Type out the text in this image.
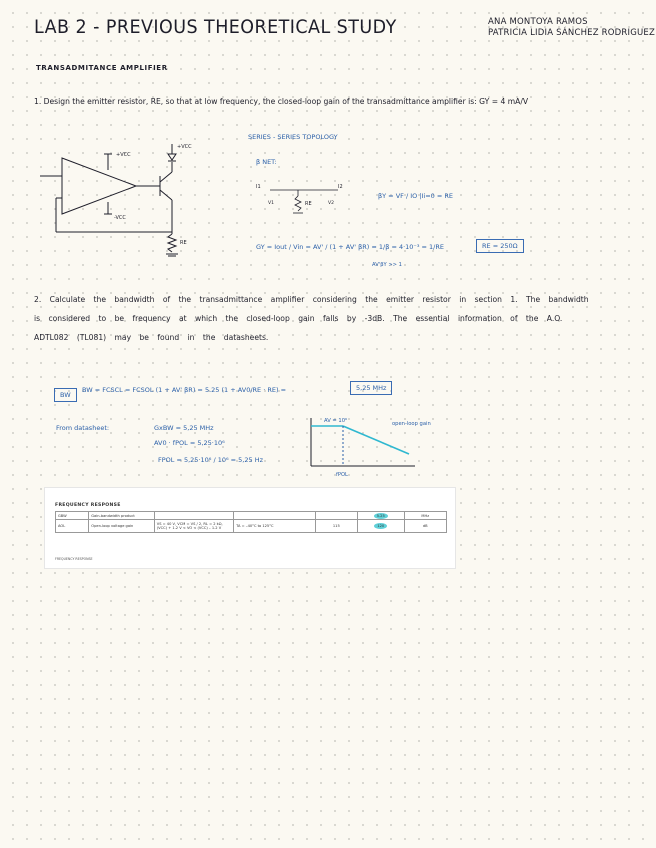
LAB 2 - PREVIOUS THEORETICAL STUDY	ANA MONTOYA RAMOS
PATRICIA LIDIA SÁNCHEZ RODRIGUEZ
TRANSADMITANCE AMPLIFIER
1. Design the emitter resistor, RE, so that at low frequency, the closed-loop gain of the transadmittance amplifier is: GY = 4 mA/V
+VCC
-VCC
+VCC
RE
SERIES - SERIES TOPOLOGY
β NET:
I1	I2
V1	V2
RE
βY = VF / IO |Ii=0 = RE
GY = Iout / Vin = AV' / (1 + AV' βR) ≈ 1/β = 4·10⁻³ = 1/RE
AV'βY >> 1
RE = 250Ω
2. Calculate the bandwidth of the transadmittance amplifier considering the emitter resistor in section 1. The bandwidth is considered to be frequency at which the closed-loop gain falls by -3dB. The essential information of the A.O. ADTL082 (TL081) may be found in the datasheets.
BW
BW = FCSCL = FCSOL (1 + AV' βR) = 5.25 (1 + AV0/RE · RE) =	5,25 MHz
From datasheet:	GxBW = 5,25 MHz
AV0 · fPOL = 5,25·10⁶
FPOL = 5,25·10⁶ / 10⁶ = 5,25 Hz
AV = 10⁶	open-loop gain
fPOL
FREQUENCY RESPONSE
GBW	Gain-bandwidth product				5.25	MHz
AOL	Open-loop voltage gain	VS = 40 V, VCM = VS / 2, RL = 2 kΩ, (VCC) + 1.2 V < VO < (VCC) – 1.2 V	TA = –40°C to 125°C	115	120	dB
FREQUENCY RESPONSE
